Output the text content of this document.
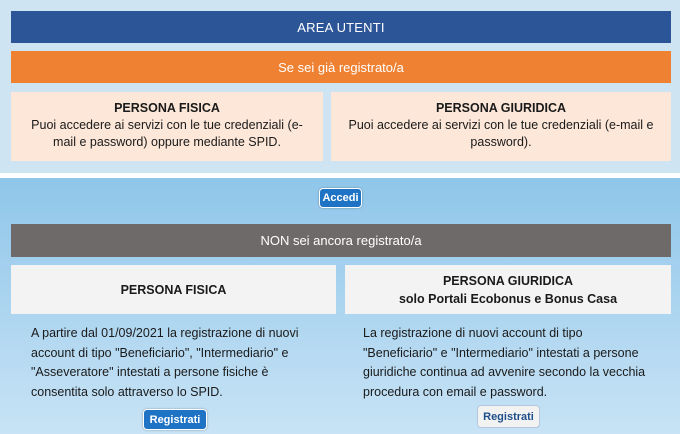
AREA UTENTI
Se sei già registrato/a
PERSONA FISICA
Puoi accedere ai servizi con le tue credenziali (e-
mail e password) oppure mediante SPID.
PERSONA GIURIDICA
Puoi accedere ai servizi con le tue credenziali (e-mail e
password).
Accedi
NON sei ancora registrato/a
PERSONA FISICA
PERSONA GIURIDICA
solo Portali Ecobonus e Bonus Casa
A partire dal 01/09/2021 la registrazione di nuovi
account di tipo "Beneficiario", "Intermediario" e
"Asseveratore" intestati a persone fisiche è
consentita solo attraverso lo SPID.
La registrazione di nuovi account di tipo
"Beneficiario" e "Intermediario" intestati a persone
giuridiche continua ad avvenire secondo la vecchia
procedura con email e password.
Registrati	Registrati
